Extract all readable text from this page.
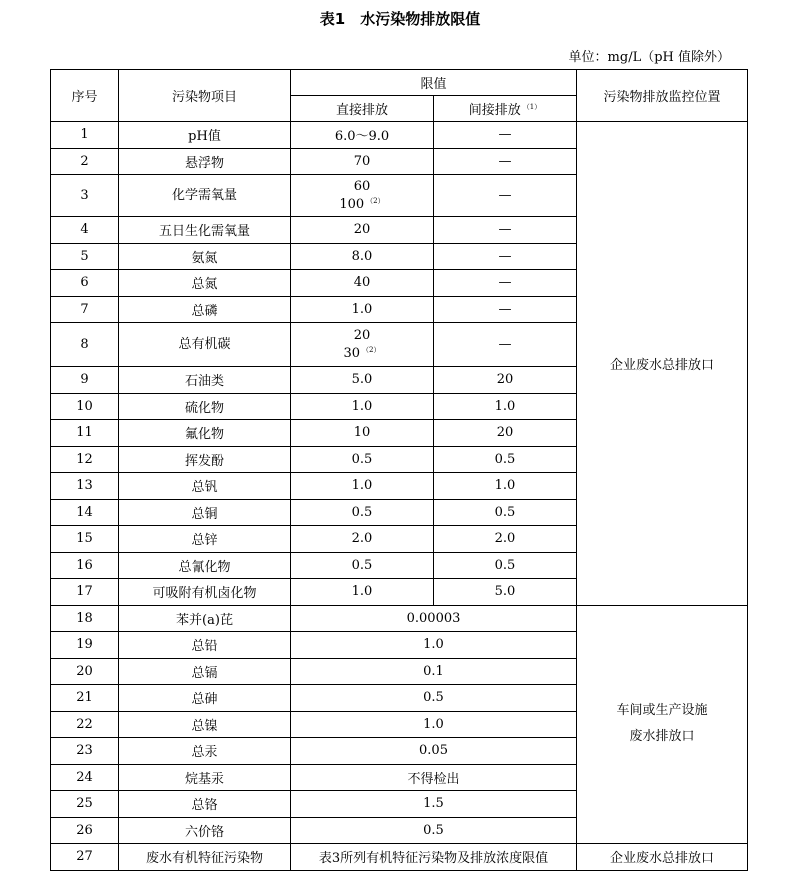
表1　水污染物排放限值
单位：mg/L（pH 值除外）
序号	污染物项目	限值		污染物排放监控位置
		直接排放	间接排放 $^{(1)}$
1	pH值	6.0～9.0	—	企业废水总排放口
2	悬浮物	70	—	
3	化学需氧量	60
100 $^{(2)}$	—	
4	五日生化需氧量	20	—	
5	氨氮	8.0	—	
6	总氮	40	—	
7	总磷	1.0	—	
8	总有机碳	20
30 $^{(2)}$	—	
9	石油类	5.0	20	
10	硫化物	1.0	1.0	
11	氟化物	10	20	
12	挥发酚	0.5	0.5	
13	总钒	1.0	1.0	
14	总铜	0.5	0.5	
15	总锌	2.0	2.0	
16	总氰化物	0.5	0.5	
17	可吸附有机卤化物	1.0	5.0	
18	苯并(a)芘	0.00003		车间或生产设施
废水排放口

19	总铅	1.0		
20	总镉	0.1		
21	总砷	0.5		
22	总镍	1.0		
23	总汞	0.05		
24	烷基汞	不得检出		
25	总铬	1.5		
26	六价铬	0.5		
27	废水有机特征污染物	表3所列有机特征污染物及排放浓度限值		企业废水总排放口
